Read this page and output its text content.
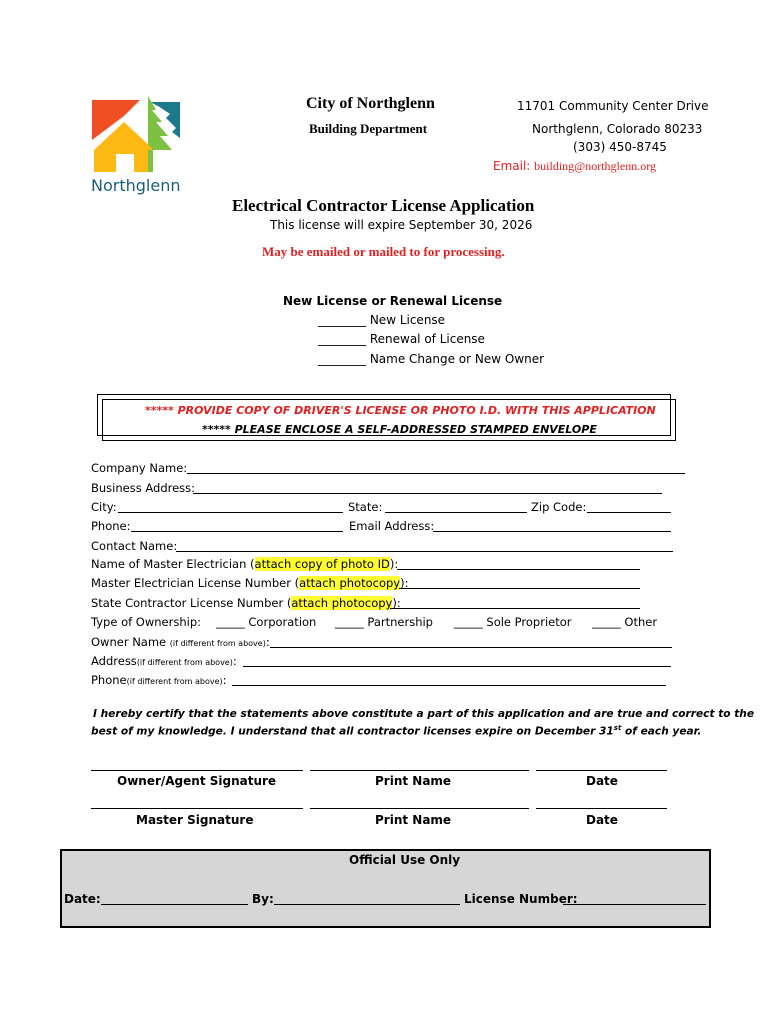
Northglenn
City of Northglenn
Building Department
11701 Community Center Drive
Northglenn, Colorado 80233
(303) 450-8745
Email: building@northglenn.org
Electrical Contractor License Application
This license will expire September 30, 2026
May be emailed or mailed to for processing.
New License or Renewal License
________ New License
________ Renewal of License
________ Name Change or New Owner
***** PROVIDE COPY OF DRIVER'S LICENSE OR PHOTO I.D. WITH THIS APPLICATION
***** PLEASE ENCLOSE A SELF-ADDRESSED STAMPED ENVELOPE
Company Name:
Business Address:
City:	State:	Zip Code:
Phone:	Email Address:
Contact Name:
Name of Master Electrician (attach copy of photo ID):
Master Electrician License Number (attach photocopy):
State Contractor License Number (attach photocopy):
Type of Ownership: _____ Corporation _____ Partnership _____ Sole Proprietor _____ Other
Owner Name (if different from above):
Address(if different from above):
Phone(if different from above):
I hereby certify that the statements above constitute a part of this application and are true and correct to the
best of my knowledge. I understand that all contractor licenses expire on December 31st of each year.
Owner/Agent Signature	Print Name	Date
Master Signature	Print Name	Date
Official Use Only
Date:	By:	License Number:
